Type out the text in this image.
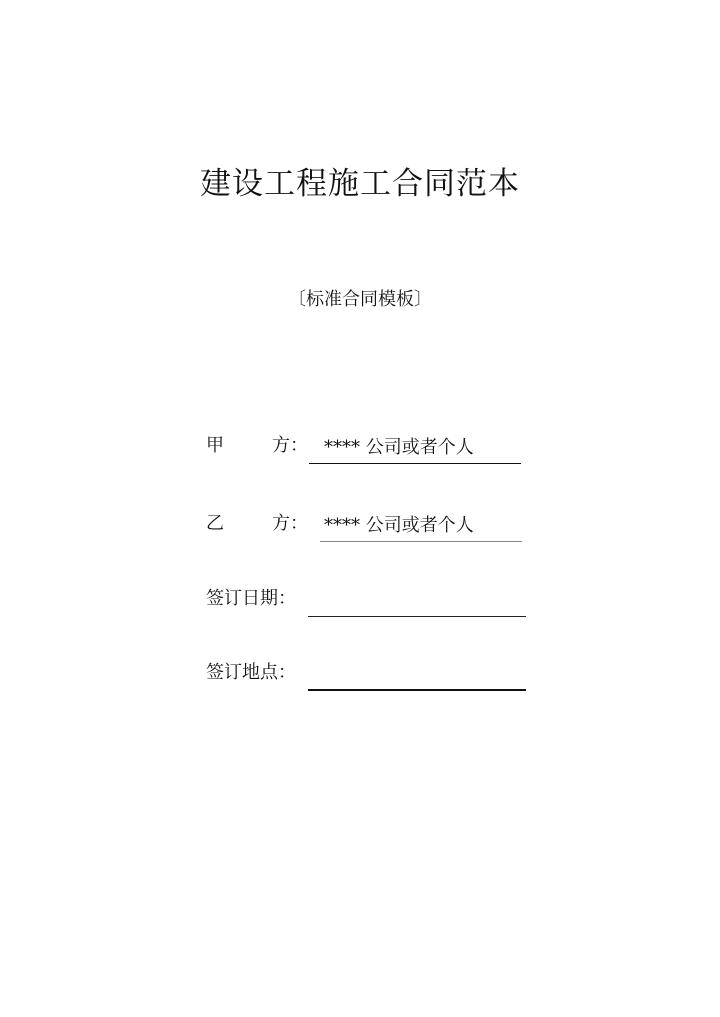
建设工程施工合同范本
〔标准合同模板〕
甲	方： **** 公司或者个人
乙	方： **** 公司或者个人
签订日期：
签订地点：
